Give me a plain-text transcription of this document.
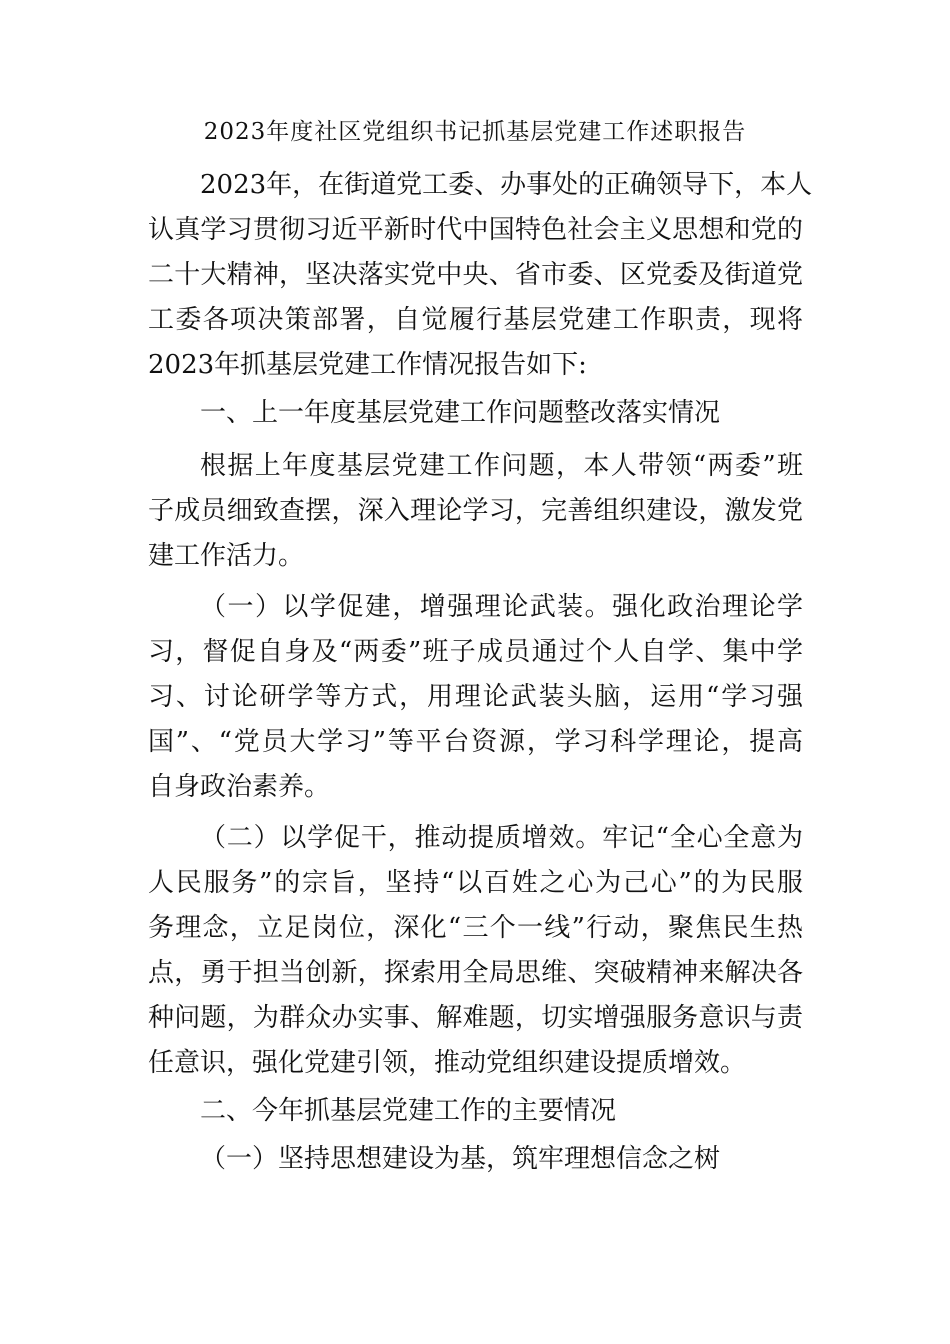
2023年度社区党组织书记抓基层党建工作述职报告
2023年，在街道党工委、办事处的正确领导下，本人
认真学习贯彻习近平新时代中国特色社会主义思想和党的
二十大精神，坚决落实党中央、省市委、区党委及街道党
工委各项决策部署，自觉履行基层党建工作职责，现将
2023年抓基层党建工作情况报告如下:
一、上一年度基层党建工作问题整改落实情况
根据上年度基层党建工作问题，本人带领“两委”班
子成员细致查摆，深入理论学习，完善组织建设，激发党
建工作活力。
（一）以学促建，增强理论武装。强化政治理论学
习，督促自身及“两委”班子成员通过个人自学、集中学
习、讨论研学等方式，用理论武装头脑，运用“学习强
国”、“党员大学习”等平台资源，学习科学理论，提高
自身政治素养。
（二）以学促干，推动提质增效。牢记“全心全意为
人民服务”的宗旨，坚持“以百姓之心为己心”的为民服
务理念，立足岗位，深化“三个一线”行动，聚焦民生热
点，勇于担当创新，探索用全局思维、突破精神来解决各
种问题，为群众办实事、解难题，切实增强服务意识与责
任意识，强化党建引领，推动党组织建设提质增效。
二、今年抓基层党建工作的主要情况
（一）坚持思想建设为基，筑牢理想信念之树
